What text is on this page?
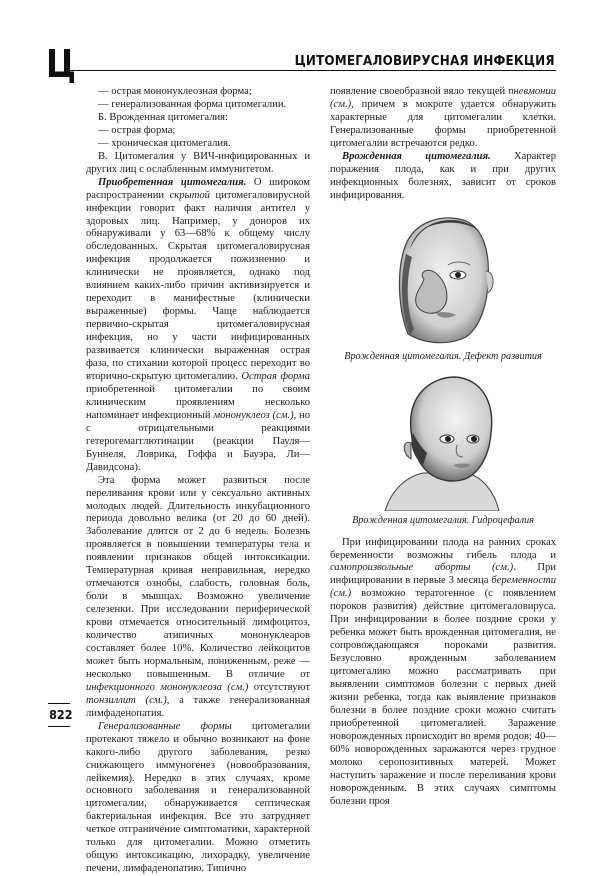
Ц	ЦИТОМЕГАЛОВИРУСНАЯ ИНФЕКЦИЯ

— острая мононуклеозная форма;

— генерализованная форма цитомегалии.

Б. Врожденная цитомегалия:

— острая форма;

— хроническая цитомегалия.

В. Цитомегалия у ВИЧ-инфицированных и других лиц с ослабленным иммунитетом.

Приобретенная цитомегалия. О широком распространении скрытой цитомегаловирусной инфекции говорит факт наличия антител у здоровых лиц. Например, у доноров их обнаруживали у 63—68% к общему числу обследованных. Скрытая цитомегаловирусная инфекция продолжается пожизненно и клинически не проявляется, однако под влиянием каких-либо причин активизируется и переходит в манифестные (клинически выраженные) формы. Чаще наблюдается первично-скрытая цитомегаловирусная инфекция, но у части инфицированных развивается клинически выраженная острая фаза, по стихании которой процесс переходит во вторично-скрытую цитомегалию. Острая форма приобретенной цитомегалии по своим клиническим проявлениям несколько напоминает инфекционный мононуклеоз (см.), но с отрицательными реакциями гетерогемагглютинации (реакции Пауля—Буннеля, Ловрика, Гоффа и Бауэра, Ли—Давидсона).

Эта форма может развиться после переливания крови или у сексуально активных молодых людей. Длительность инкубационного периода довольно велика (от 20 до 60 дней). Заболевание длится от 2 до 6 недель. Болезнь проявляется в повышении температуры тела и появлении признаков общей интоксикации. Температурная кривая неправильная, нередко отмечаются ознобы, слабость, головная боль, боли в мышцах. Возможно увеличение селезенки. При исследовании периферической крови отмечается относительный лимфоцитоз, количество атипичных мононуклеаров составляет более 10%. Количество лейкоцитов может быть нормальным, пониженным, реже — несколько повышенным. В отличие от инфекционного мононуклеоза (см.) отсутствуют тонзиллит (см.), а также генерализованная лимфаденопатия.

Генерализованные формы цитомегалии протекают тяжело и обычно возникают на фоне какого-либо другого заболевания, резко снижающего иммуногенез (новообразования, лейкемия). Нередко в этих случаях, кроме основного заболевания и генерализованной цитомегалии, обнаруживается септическая бактериальная инфекция. Все это затрудняет четкое отграничение симптоматики, характерной только для цитомегалии. Можно отметить общую интоксикацию, лихорадку, увеличение печени, лимфаденопатию. Типично

появление своеобразной вяло текущей пневмонии (см.), причем в мокроте удается обнаружить характерные для цитомегалии клетки. Генерализованные формы приобретенной цитомегалии встречаются редко.

Врожденная цитомегалия. Характер поражения плода, как и при других инфекционных болезнях, зависит от сроков инфицирования.

Врожденная цитомегалия. Дефект развития
Врожденная цитомегалия. Гидроцефалия

При инфицировании плода на ранних сроках беременности возможны гибель плода и самопроизвольные аборты (см.). При инфицировании в первые 3 месяца беременности (см.) возможно тератогенное (с появлением пороков развития) действие цитомегаловируса. При инфицировании в более поздние сроки у ребенка может быть врожденная цитомегалия, не сопровождающаяся пороками развития. Безусловно врожденным заболеванием цитомегалию можно рассматривать при выявлении симптомов болезни с первых дней жизни ребенка, тогда как выявление признаков болезни в более поздние сроки можно считать приобретенной цитомегалией. Заражение новорожденных происходит во время родов; 40—60% новорожденных заражаются через грудное молоко серопозитивных матерей. Может наступить заражение и после переливания крови новорожденным. В этих случаях симптомы болезни проя

822
